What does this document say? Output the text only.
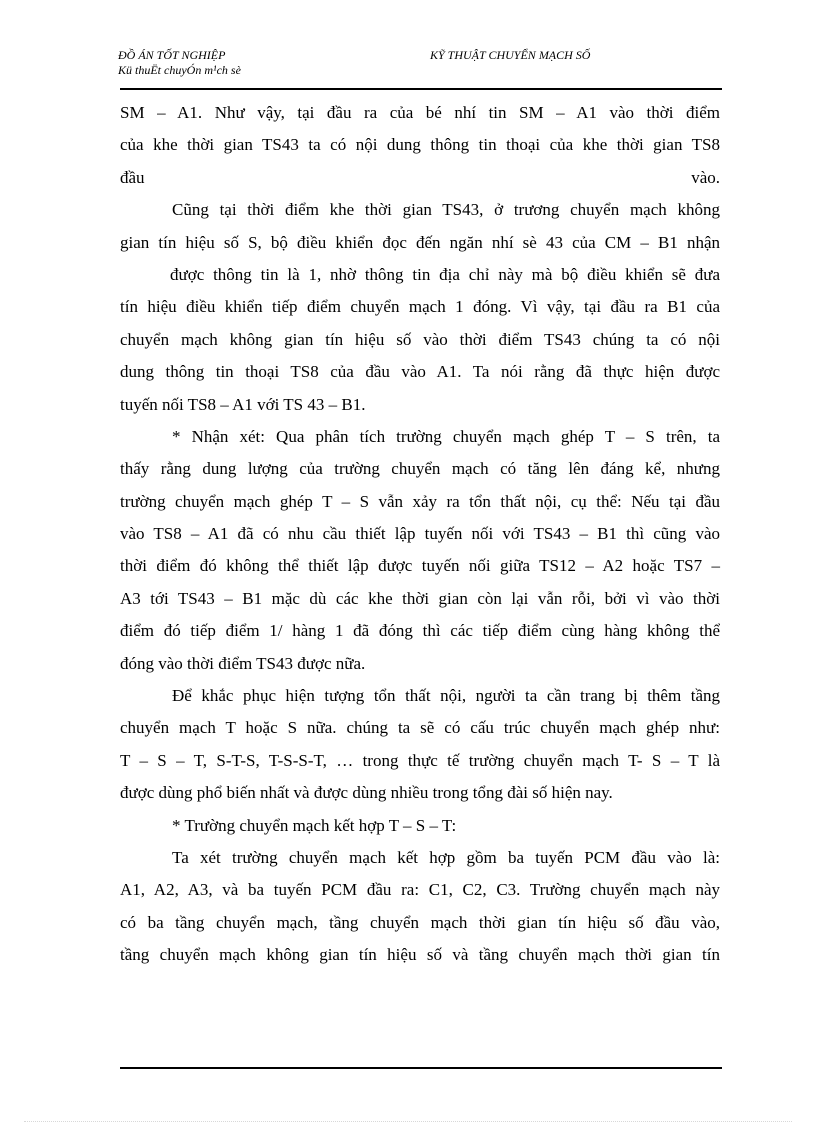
ĐỒ ÁN TỐT NGHIỆP
Kü thuËt chuyÓn m¹ch sè
KỸ THUẬT CHUYỂN MẠCH SỐ
SM – A1. Như vậy, tại đầu ra của bé nhí tin SM – A1 vào thời điểm
của khe thời gian TS43 ta có nội dung thông tin thoại của khe thời gian TS8
đầu vào.
Cũng tại thời điểm khe thời gian TS43, ở trương chuyển mạch không
gian tín hiệu số S, bộ điều khiển đọc đến ngăn nhí sè 43 của CM – B1 nhận
được thông tin là 1, nhờ thông tin địa chỉ này mà bộ điều khiển sẽ đưa
tín hiệu điều khiển tiếp điểm chuyển mạch 1 đóng. Vì vậy, tại đầu ra B1 của
chuyển mạch không gian tín hiệu số vào thời điểm TS43 chúng ta có nội
dung thông tin thoại TS8 của đầu vào A1. Ta nói rằng đã thực hiện được
tuyến nối TS8 – A1 với TS 43 – B1.
* Nhận xét: Qua phân tích trường chuyển mạch ghép T – S trên, ta
thấy rằng dung lượng của trường chuyển mạch có tăng lên đáng kể, nhưng
trường chuyển mạch ghép T – S vẫn xảy ra tổn thất nội, cụ thể: Nếu tại đầu
vào TS8 – A1 đã có nhu cầu thiết lập tuyến nối với TS43 – B1 thì cũng vào
thời điểm đó không thể thiết lập được tuyến nối giữa TS12 – A2 hoặc TS7 –
A3 tới TS43 – B1 mặc dù các khe thời gian còn lại vẫn rỗi, bởi vì vào thời
điểm đó tiếp điểm 1/ hàng 1 đã đóng thì các tiếp điểm cùng hàng không thể
đóng vào thời điểm TS43 được nữa.
Để khắc phục hiện tượng tổn thất nội, người ta cần trang bị thêm tầng
chuyển mạch T hoặc S nữa. chúng ta sẽ có cấu trúc chuyển mạch ghép như:
T – S – T, S-T-S, T-S-S-T, … trong thực tế trường chuyển mạch T- S – T là
được dùng phổ biến nhất và được dùng nhiều trong tổng đài số hiện nay.
* Trường chuyển mạch kết hợp T – S – T:
Ta xét trường chuyển mạch kết hợp gồm ba tuyến PCM đầu vào là:
A1, A2, A3, và ba tuyến PCM đầu ra: C1, C2, C3. Trường chuyển mạch này
có ba tầng chuyển mạch, tầng chuyển mạch thời gian tín hiệu số đầu vào,
tầng chuyển mạch không gian tín hiệu số và tầng chuyển mạch thời gian tín
